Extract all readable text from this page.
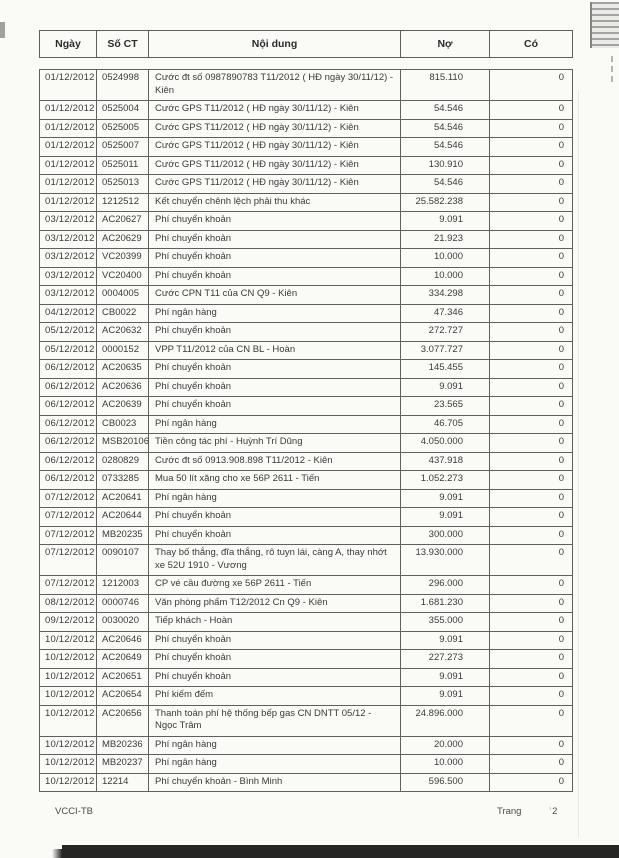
Ngày	Số CT	Nội dung	Nợ	Có
01/12/2012	0524998	Cước đt số 0987890783 T11/2012 ( HĐ ngày 30/11/12) - Kiên	815.110	0
01/12/2012	0525004	Cước GPS T11/2012 ( HĐ ngày 30/11/12) - Kiên	54.546	0
01/12/2012	0525005	Cước GPS T11/2012 ( HĐ ngày 30/11/12) - Kiên	54.546	0
01/12/2012	0525007	Cước GPS T11/2012 ( HĐ ngày 30/11/12) - Kiên	54.546	0
01/12/2012	0525011	Cước GPS T11/2012 ( HĐ ngày 30/11/12) - Kiên	130.910	0
01/12/2012	0525013	Cước GPS T11/2012 ( HĐ ngày 30/11/12) - Kiên	54.546	0
01/12/2012	1212512	Kết chuyển chênh lệch phải thu khác	25.582.238	0
03/12/2012	AC20627	Phí chuyển khoản	9.091	0
03/12/2012	AC20629	Phí chuyển khoản	21.923	0
03/12/2012	VC20399	Phí chuyển khoản	10.000	0
03/12/2012	VC20400	Phí chuyển khoản	10.000	0
03/12/2012	0004005	Cước CPN T11 của CN Q9 - Kiên	334.298	0
04/12/2012	CB0022	Phí ngân hàng	47.346	0
05/12/2012	AC20632	Phí chuyển khoản	272.727	0
05/12/2012	0000152	VPP T11/2012 của CN BL - Hoàn	3.077.727	0
06/12/2012	AC20635	Phí chuyển khoản	145.455	0
06/12/2012	AC20636	Phí chuyển khoản	9.091	0
06/12/2012	AC20639	Phí chuyển khoản	23.565	0
06/12/2012	CB0023	Phí ngân hàng	46.705	0
06/12/2012	MSB20106	Tiền công tác phí - Huỳnh Trí Dũng	4.050.000	0
06/12/2012	0280829	Cước đt số 0913.908.898 T11/2012 - Kiên	437.918	0
06/12/2012	0733285	Mua 50 lít xăng cho xe 56P 2611 - Tiến	1.052.273	0
07/12/2012	AC20641	Phí ngân hàng	9.091	0
07/12/2012	AC20644	Phí chuyển khoản	9.091	0
07/12/2012	MB20235	Phí chuyển khoản	300.000	0
07/12/2012	0090107	Thay bố thắng, đĩa thắng, rô tuyn lái, càng A, thay nhớt xe 52U 1910 - Vương	13.930.000	0
07/12/2012	1212003	CP vé cầu đường xe 56P 2611 - Tiến	296.000	0
08/12/2012	0000746	Văn phòng phẩm T12/2012 Cn Q9 - Kiên	1.681.230	0
09/12/2012	0030020	Tiếp khách - Hoàn	355.000	0
10/12/2012	AC20646	Phí chuyển khoản	9.091	0
10/12/2012	AC20649	Phí chuyển khoản	227.273	0
10/12/2012	AC20651	Phí chuyển khoản	9.091	0
10/12/2012	AC20654	Phí kiểm đếm	9.091	0
10/12/2012	AC20656	Thanh toán phí hệ thống bếp gas CN DNTT 05/12 - Ngọc Trâm	24.896.000	0
10/12/2012	MB20236	Phí ngân hàng	20.000	0
10/12/2012	MB20237	Phí ngân hàng	10.000	0
10/12/2012	12214	Phí chuyển khoản - Bình Minh	596.500	0
VCCI-TB	Trang	’ 2
